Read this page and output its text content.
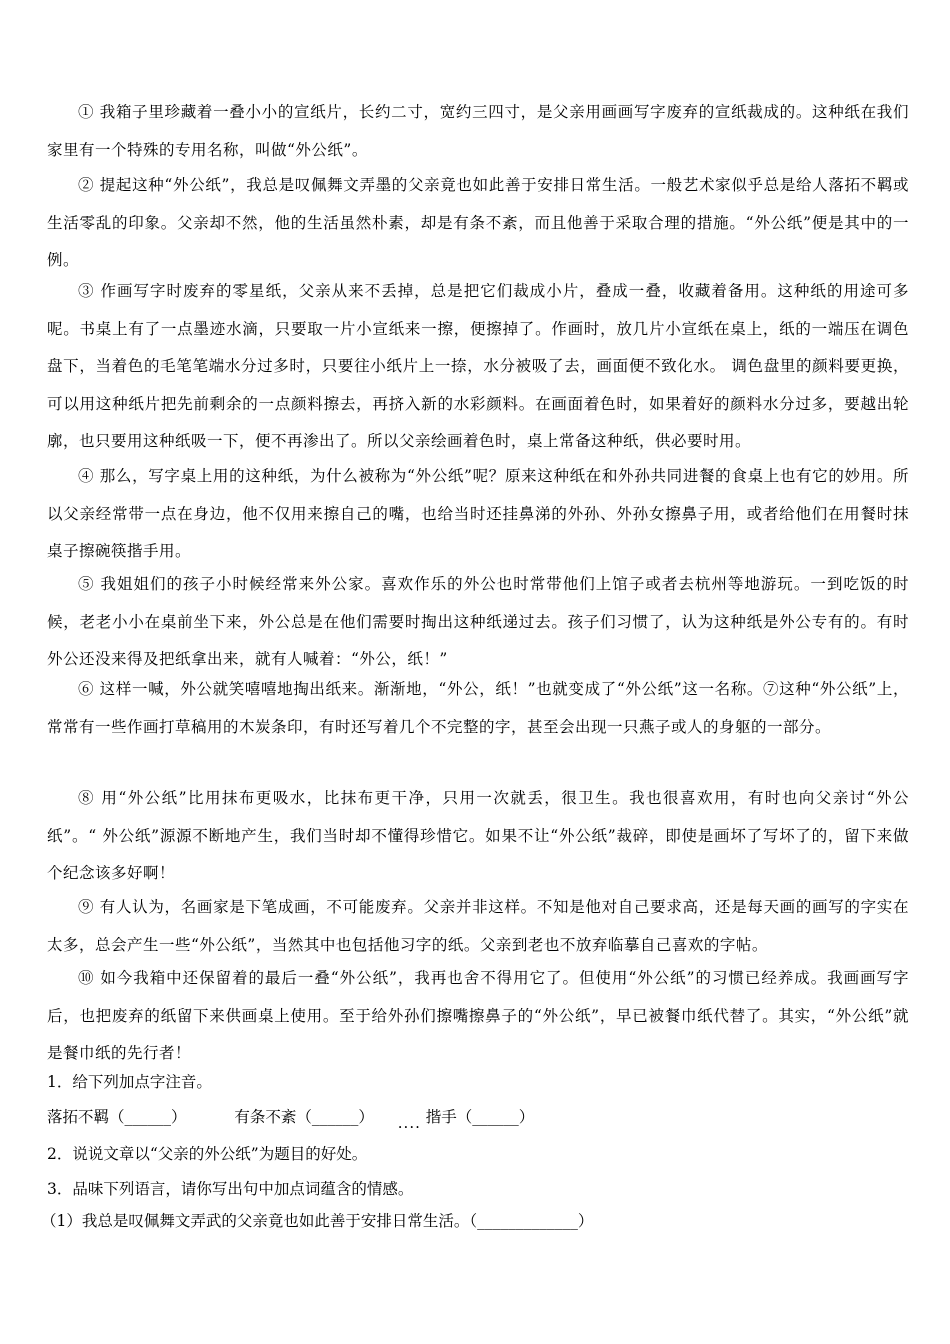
① 我箱子里珍藏着一叠小小的宣纸片，长约二寸，宽约三四寸，是父亲用画画写字废弃的宣纸裁成的。这种纸在我们家里有一个特殊的专用名称，叫做“外公纸”。

② 提起这种“外公纸”，我总是叹佩舞文弄墨的父亲竟也如此善于安排日常生活。一般艺术家似乎总是给人落拓不羁或生活零乱的印象。父亲却不然，他的生活虽然朴素，却是有条不紊，而且他善于采取合理的措施。“外公纸”便是其中的一例。

③ 作画写字时废弃的零星纸，父亲从来不丢掉，总是把它们裁成小片，叠成一叠，收藏着备用。这种纸的用途可多呢。书桌上有了一点墨迹水滴，只要取一片小宣纸来一擦，便擦掉了。作画时，放几片小宣纸在桌上，纸的一端压在调色盘下，当着色的毛笔笔端水分过多时，只要往小纸片上一捺，水分被吸了去，画面便不致化水。 调色盘里的颜料要更换，可以用这种纸片把先前剩余的一点颜料擦去，再挤入新的水彩颜料。在画面着色时，如果着好的颜料水分过多，要越出轮廓，也只要用这种纸吸一下，便不再渗出了。所以父亲绘画着色时，桌上常备这种纸，供必要时用。

④ 那么，写字桌上用的这种纸，为什么被称为“外公纸”呢？原来这种纸在和外孙共同进餐的食桌上也有它的妙用。所以父亲经常带一点在身边，他不仅用来擦自己的嘴，也给当时还挂鼻涕的外孙、外孙女擦鼻子用，或者给他们在用餐时抹桌子擦碗筷揩手用。

⑤ 我姐姐们的孩子小时候经常来外公家。喜欢作乐的外公也时常带他们上馆子或者去杭州等地游玩。一到吃饭的时候，老老小小在桌前坐下来，外公总是在他们需要时掏出这种纸递过去。孩子们习惯了，认为这种纸是外公专有的。有时外公还没来得及把纸拿出来，就有人喊着：“外公，纸！”

⑥ 这样一喊，外公就笑嘻嘻地掏出纸来。渐渐地，“外公，纸！”也就变成了“外公纸”这一名称。⑦这种“外公纸”上，常常有一些作画打草稿用的木炭条印，有时还写着几个不完整的字，甚至会出现一只燕子或人的身躯的一部分。

⑧ 用“外公纸”比用抹布更吸水，比抹布更干净，只用一次就丢，很卫生。我也很喜欢用，有时也向父亲讨“外公纸”。“ 外公纸”源源不断地产生，我们当时却不懂得珍惜它。如果不让“外公纸”裁碎，即使是画坏了写坏了的，留下来做个纪念该多好啊！

⑨ 有人认为，名画家是下笔成画，不可能废弃。父亲并非这样。不知是他对自己要求高，还是每天画的画写的字实在太多，总会产生一些“外公纸”，当然其中也包括他习字的纸。父亲到老也不放弃临摹自己喜欢的字帖。

⑩ 如今我箱中还保留着的最后一叠“外公纸”，我再也舍不得用它了。但使用“外公纸”的习惯已经养成。我画画写字后，也把废弃的纸留下来供画桌上使用。至于给外孙们擦嘴擦鼻子的“外公纸”，早已被餐巾纸代替了。其实，“外公纸”就是餐巾纸的先行者！

1．给下列加点字注音。
落拓不羁（______）	有条不紊（______） .... 揩手（______）
2．说说文章以“父亲的外公纸”为题目的好处。
3．品味下列语言，请你写出句中加点词蕴含的情感。
（1）我总是叹佩舞文弄武的父亲竟也如此善于安排日常生活。（_____________）
